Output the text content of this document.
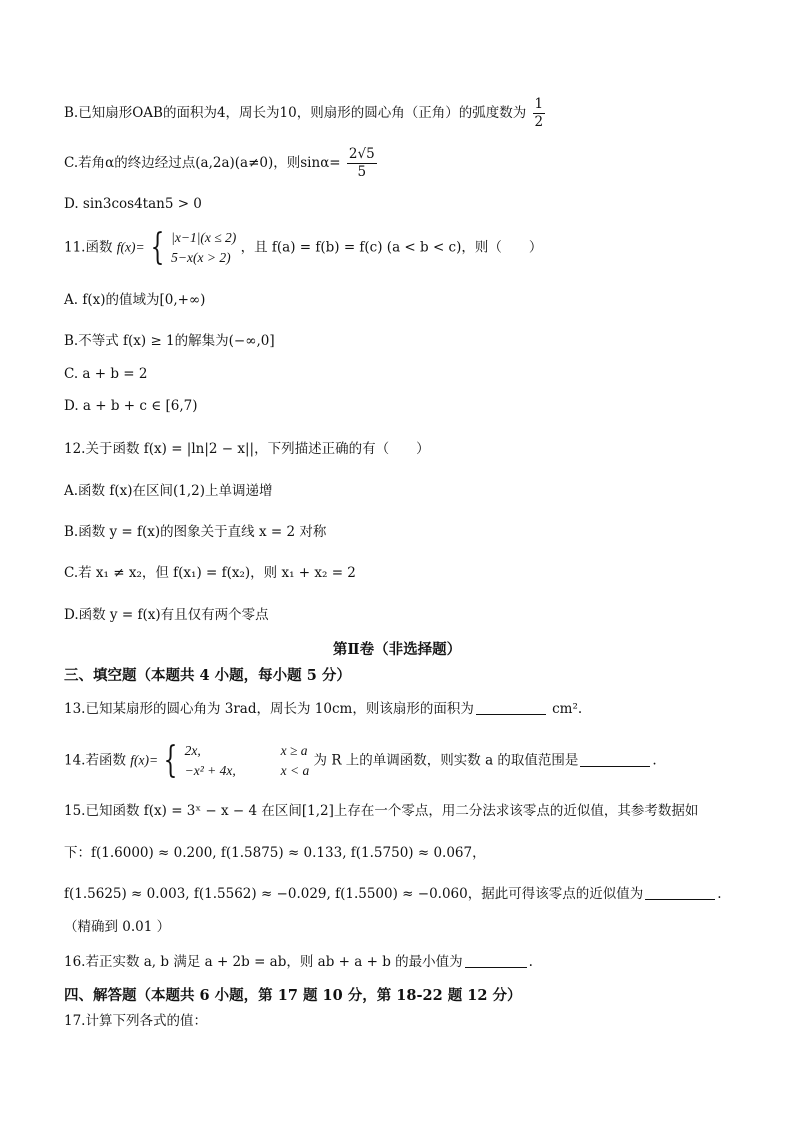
B.已知扇形OAB的面积为4，周长为10，则扇形的圆心角（正角）的弧度数为 $\frac{1}{2}$
C.若角α的终边经过点(a,2a)(a≠0)，则$\sin\alpha= \frac{2√5}{5}$
D. sin3cos4tan5 > 0
11.函数 f(x)= { |x−1|(x ≤ 2)
5−x(x > 2)
，且 f(a) = f(b) = f(c) (a < b < c)，则（　　）
A. f(x)的值域为[0,+∞)
B.不等式 f(x) ≥ 1的解集为(−∞,0]
C. a + b = 2
D. a + b + c ∈ [6,7)
12.关于函数 f(x) = |ln|2 − x||，下列描述正确的有（　　）
A.函数 f(x)在区间(1,2)上单调递增
B.函数 y = f(x)的图象关于直线 x = 2 对称
C.若 x₁ ≠ x₂，但 f(x₁) = f(x₂)，则 x₁ + x₂ = 2
D.函数 y = f(x)有且仅有两个零点
第Ⅱ卷（非选择题）
三、填空题（本题共 4 小题，每小题 5 分）
13.已知某扇形的圆心角为 3rad，周长为 10cm，则该扇形的面积为	cm².
14.若函数 f(x)= { 2x,	x ≥ a
−x² + 4x,	x < a
为 R 上的单调函数，则实数 a 的取值范围是	.
15.已知函数 f(x) = 3ˣ − x − 4 在区间[1,2]上存在一个零点，用二分法求该零点的近似值，其参考数据如
下：f(1.6000) ≈ 0.200, f(1.5875) ≈ 0.133, f(1.5750) ≈ 0.067，
f(1.5625) ≈ 0.003, f(1.5562) ≈ −0.029, f(1.5500) ≈ −0.060，据此可得该零点的近似值为	.
（精确到 0.01 ）
16.若正实数 a, b 满足 a + 2b = ab，则 ab + a + b 的最小值为	.
四、解答题（本题共 6 小题，第 17 题 10 分，第 18-22 题 12 分）
17.计算下列各式的值：
